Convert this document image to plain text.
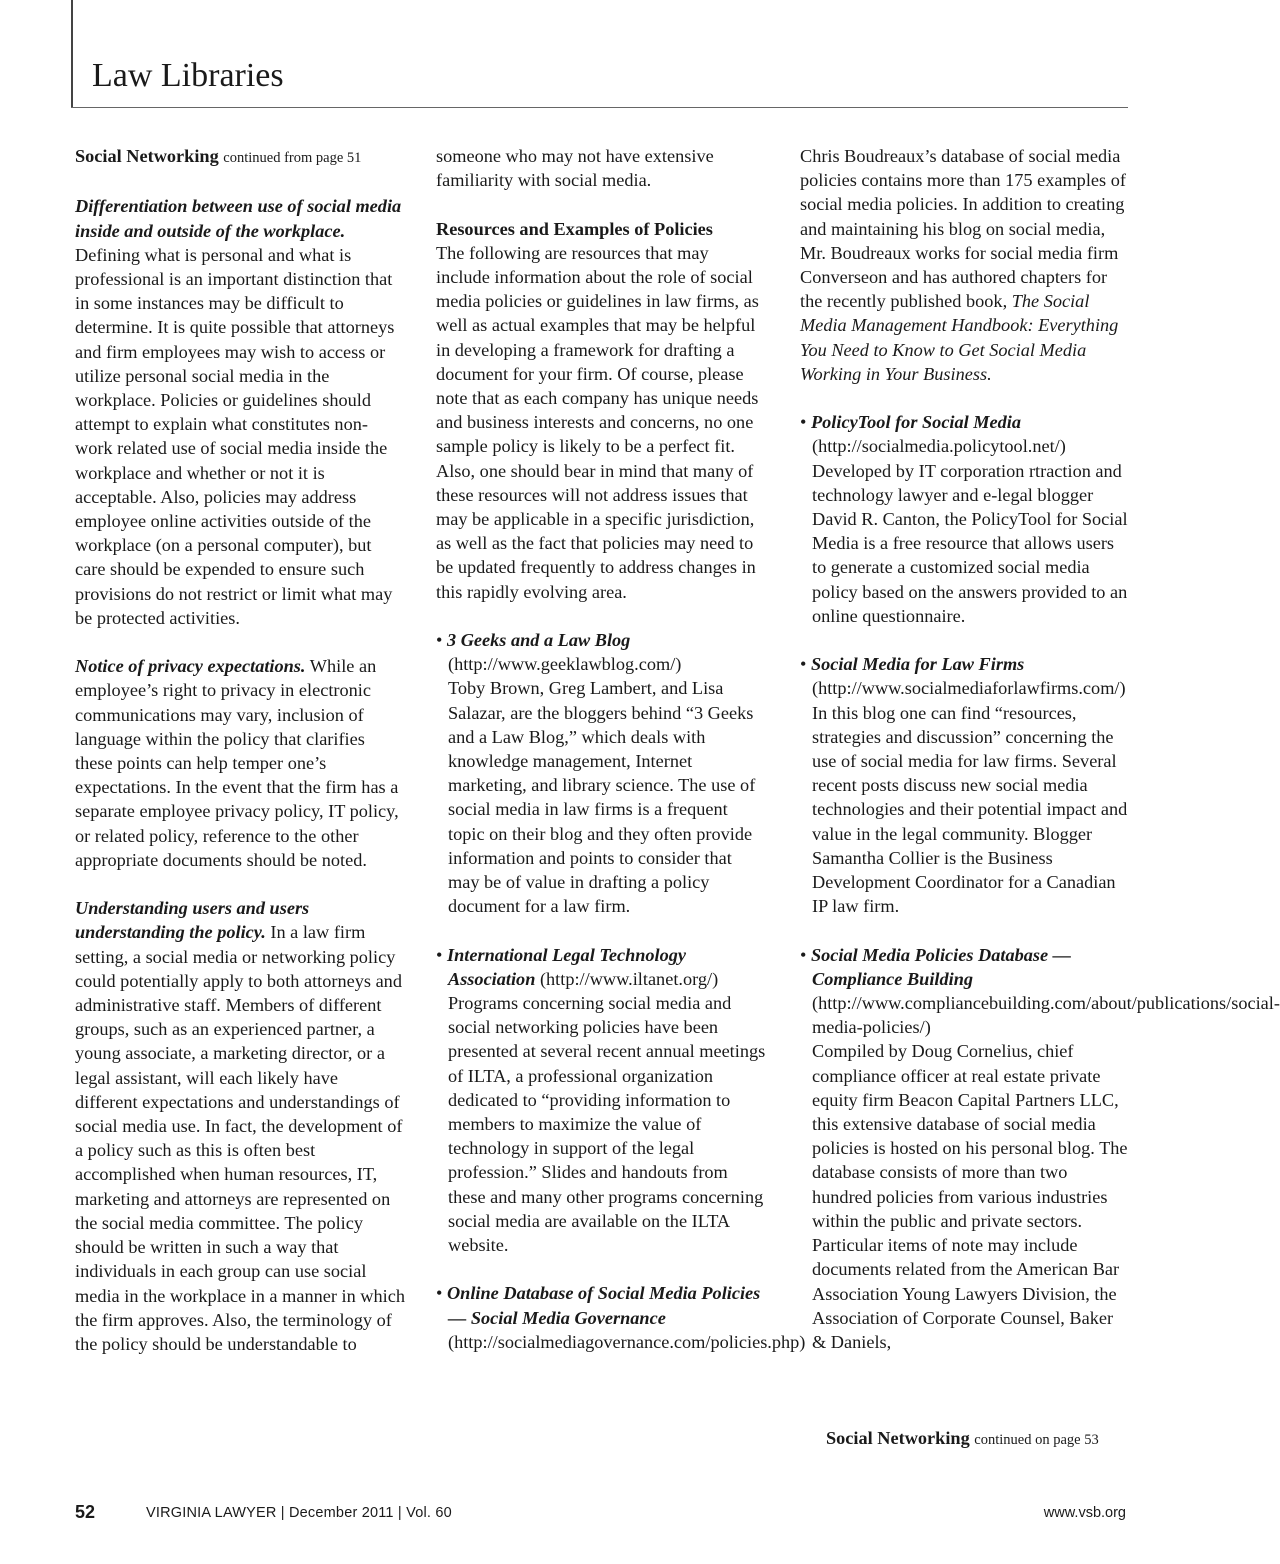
Law Libraries

Social Networking continued from page 51

Differentiation between use of social media inside and outside of the workplace. Defining what is personal and what is professional is an important distinction that in some instances may be difficult to determine. It is quite possible that attorneys and firm employees may wish to access or utilize personal social media in the workplace. Policies or guidelines should attempt to explain what constitutes non-work related use of social media inside the workplace and whether or not it is acceptable. Also, policies may address employee online activities outside of the workplace (on a personal computer), but care should be expended to ensure such provisions do not restrict or limit what may be protected activities.

Notice of privacy expectations. While an employee’s right to privacy in electronic communications may vary, inclusion of language within the policy that clarifies these points can help temper one’s expectations. In the event that the firm has a separate employee privacy policy, IT policy, or related policy, reference to the other appropriate documents should be noted.

Understanding users and users understanding the policy. In a law firm setting, a social media or networking policy could potentially apply to both attorneys and administrative staff. Members of different groups, such as an experienced partner, a young associate, a marketing director, or a legal assistant, will each likely have different expectations and understandings of social media use. In fact, the development of a policy such as this is often best accomplished when human resources, IT, marketing and attorneys are represented on the social media committee. The policy should be written in such a way that individuals in each group can use social media in the workplace in a manner in which the firm approves. Also, the terminology of the policy should be understandable to

someone who may not have extensive familiarity with social media.

Resources and Examples of Policies

The following are resources that may include information about the role of social media policies or guidelines in law firms, as well as actual examples that may be helpful in developing a framework for drafting a document for your firm. Of course, please note that as each company has unique needs and business interests and concerns, no one sample policy is likely to be a perfect fit. Also, one should bear in mind that many of these resources will not address issues that may be applicable in a specific jurisdiction, as well as the fact that policies may need to be updated frequently to address changes in this rapidly evolving area.

• 3 Geeks and a Law Blog

(http://www.geeklawblog.com/)

Toby Brown, Greg Lambert, and Lisa Salazar, are the bloggers behind “3 Geeks and a Law Blog,” which deals with knowledge management, Internet marketing, and library science. The use of social media in law firms is a frequent topic on their blog and they often provide information and points to consider that may be of value in drafting a policy document for a law firm.

• International Legal Technology Association (http://www.iltanet.org/)

Programs concerning social media and social networking policies have been presented at several recent annual meetings of ILTA, a professional organization dedicated to “providing information to members to maximize the value of technology in support of the legal profession.” Slides and handouts from these and many other programs concerning social media are available on the ILTA website.

• Online Database of Social Media Policies — Social Media Governance

(http://socialmediagovernance.com/policies.php)

Chris Boudreaux’s database of social media policies contains more than 175 examples of social media policies. In addition to creating and maintaining his blog on social media, Mr. Boudreaux works for social media firm Converseon and has authored chapters for the recently published book, The Social Media Management Handbook: Everything You Need to Know to Get Social Media Working in Your Business.

• PolicyTool for Social Media

(http://socialmedia.policytool.net/)

Developed by IT corporation rtraction and technology lawyer and e-legal blogger David R. Canton, the PolicyTool for Social Media is a free resource that allows users to generate a customized social media policy based on the answers provided to an online questionnaire.

• Social Media for Law Firms (http://www.socialmediaforlawfirms.com/)

In this blog one can find “resources, strategies and discussion” concerning the use of social media for law firms. Several recent posts discuss new social media technologies and their potential impact and value in the legal community. Blogger Samantha Collier is the Business Development Coordinator for a Canadian IP law firm.

• Social Media Policies Database — Compliance Building (http://www.compliancebuilding.com/about/publications/social-media-policies/)

Compiled by Doug Cornelius, chief compliance officer at real estate private equity firm Beacon Capital Partners LLC, this extensive database of social media policies is hosted on his personal blog. The database consists of more than two hundred policies from various industries within the public and private sectors. Particular items of note may include documents related from the American Bar Association Young Lawyers Division, the Association of Corporate Counsel, Baker & Daniels,

Social Networking continued on page 53
52	VIRGINIA LAWYER | December 2011 | Vol. 60	www.vsb.org
